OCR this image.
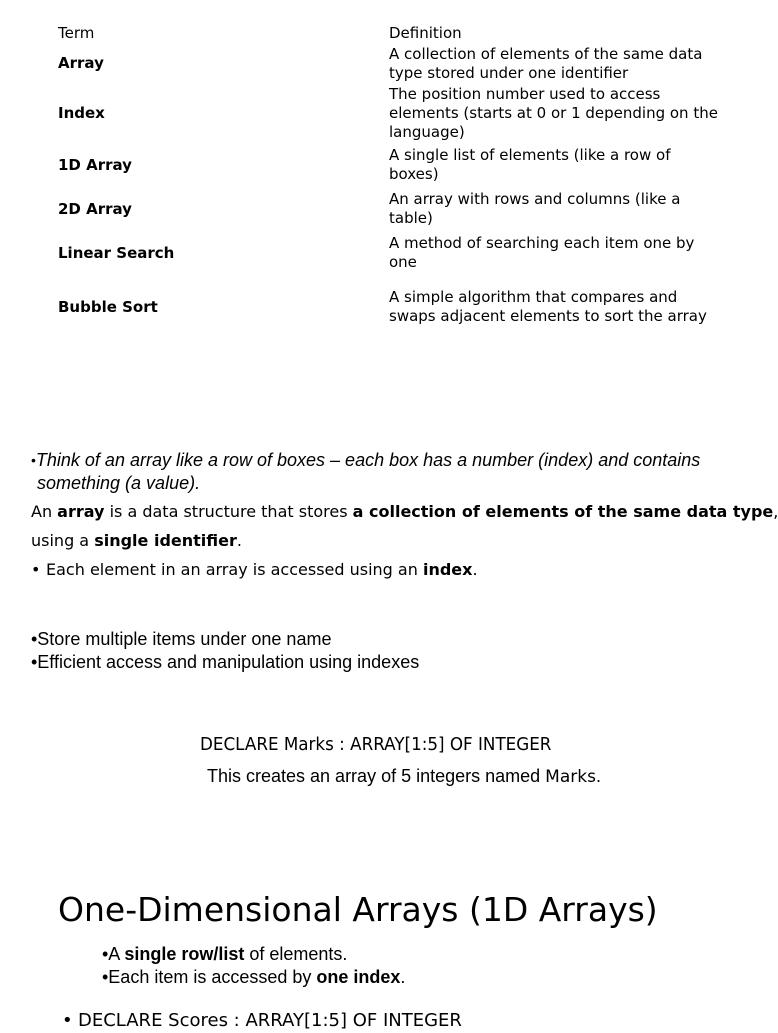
Term	Definition
Array	A collection of elements of the same data type stored under one identifier
Index	The position number used to access elements (starts at 0 or 1 depending on the language)
1D Array	A single list of elements (like a row of boxes)
2D Array	An array with rows and columns (like a table)
Linear Search	A method of searching each item one by one
Bubble Sort	A simple algorithm that compares and swaps adjacent elements to sort the array
•Think of an array like a row of boxes – each box has a number (index) and contains
something (a value).
An array is a data structure that stores a collection of elements of the same data type,
using a single identifier.
• Each element in an array is accessed using an index.
•Store multiple items under one name
•Efficient access and manipulation using indexes
DECLARE Marks : ARRAY[1:5] OF INTEGER
This creates an array of 5 integers named Marks.
One-Dimensional Arrays (1D Arrays)
•A single row/list of elements.
•Each item is accessed by one index.
• DECLARE Scores : ARRAY[1:5] OF INTEGER
